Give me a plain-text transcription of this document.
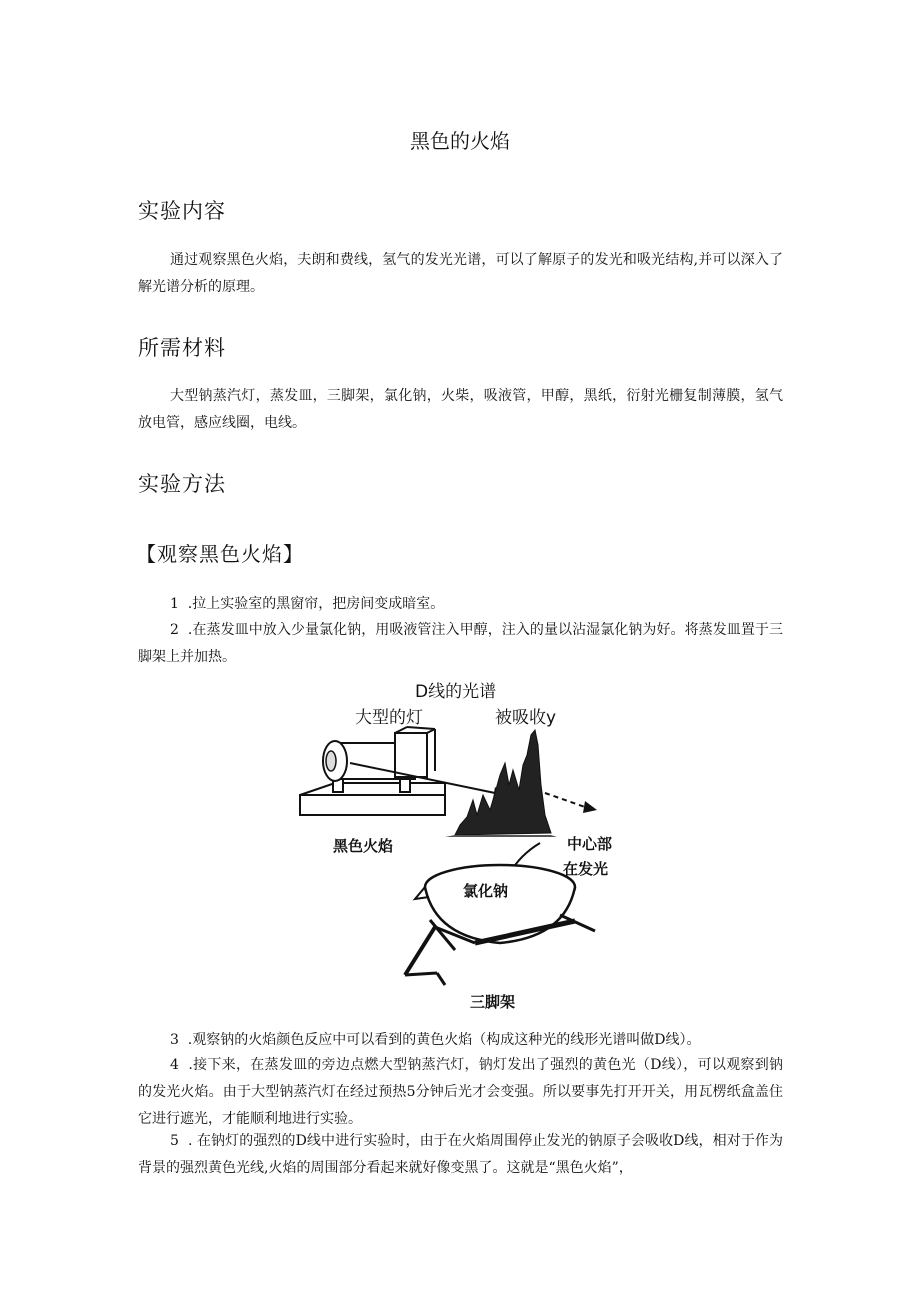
黑色的火焰
实验内容
通过观察黑色火焰，夫朗和费线，氢气的发光光谱，可以了解原子的发光和吸光结构,并可以深入了解光谱分析的原理。
所需材料
大型钠蒸汽灯，蒸发皿，三脚架，氯化钠，火柴，吸液管，甲醇，黑纸，衍射光栅复制薄膜，氢气放电管，感应线圈，电线。
实验方法
【观察黑色火焰】
1  .拉上实验室的黑窗帘，把房间变成暗室。
2  .在蒸发皿中放入少量氯化钠，用吸液管注入甲醇，注入的量以沾湿氯化钠为好。将蒸发皿置于三脚架上并加热。
D线的光谱
大型的灯	被吸收y
黑色火焰	中心部
在发光
氯化钠
三脚架
3  .观察钠的火焰颜色反应中可以看到的黄色火焰（构成这种光的线形光谱叫做D线）。
4  .接下来，在蒸发皿的旁边点燃大型钠蒸汽灯，钠灯发出了强烈的黄色光（D线），可以观察到钠的发光火焰。由于大型钠蒸汽灯在经过预热5分钟后光才会变强。所以要事先打开开关，用瓦楞纸盒盖住它进行遮光，才能顺利地进行实验。
5  . 在钠灯的强烈的D线中进行实验时，由于在火焰周围停止发光的钠原子会吸收D线，相对于作为背景的强烈黄色光线,火焰的周围部分看起来就好像变黑了。这就是“黑色火焰”，
